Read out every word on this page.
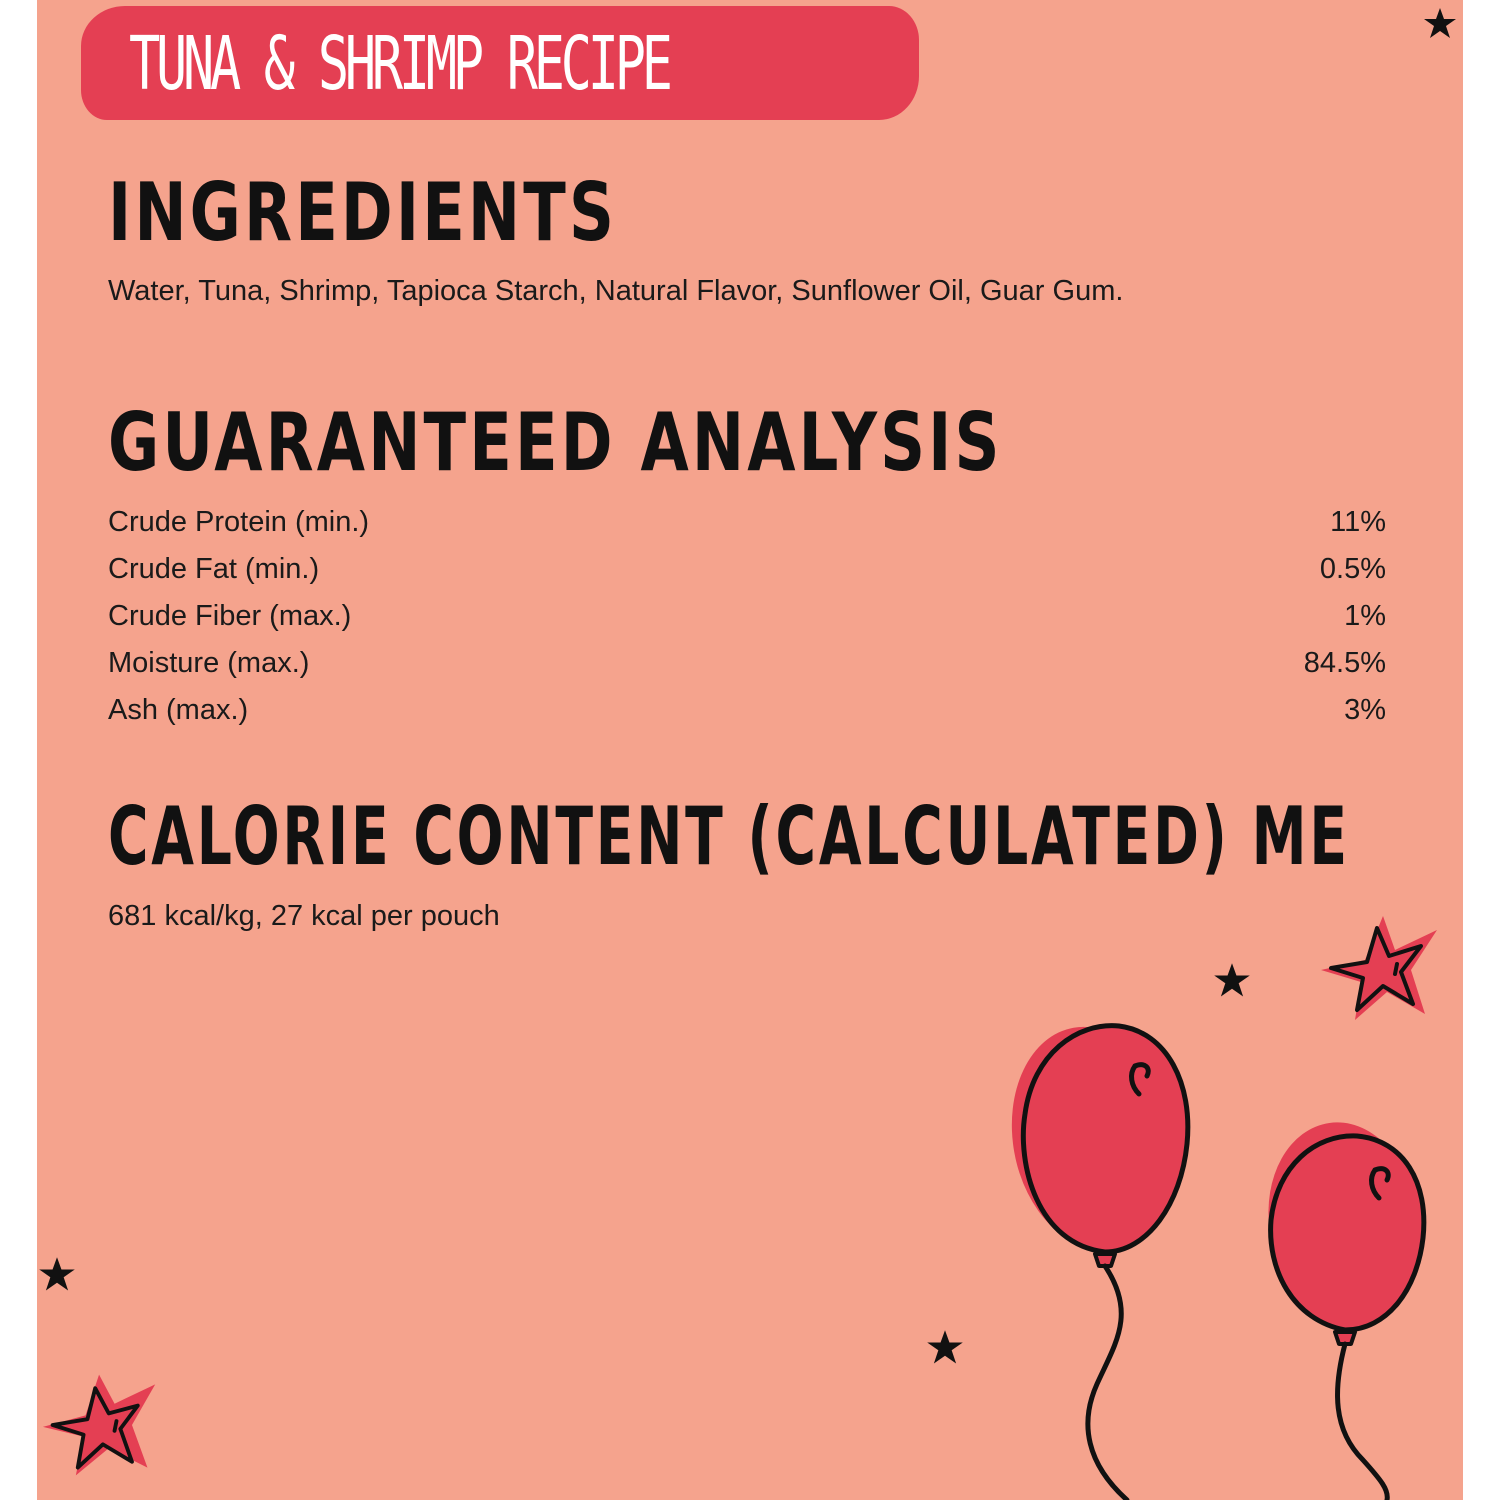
TUNA & SHRIMP RECIPE
INGREDIENTS

Water, Tuna, Shrimp, Tapioca Starch, Natural Flavor, Sunflower Oil, Guar Gum.

GUARANTEED ANALYSIS
Crude Protein (min.)	11%
Crude Fat (min.)	0.5%
Crude Fiber (max.)	1%
Moisture (max.)	84.5%
Ash (max.)	3%
CALORIE CONTENT (CALCULATED) ME

681 kcal/kg, 27 kcal per pouch
